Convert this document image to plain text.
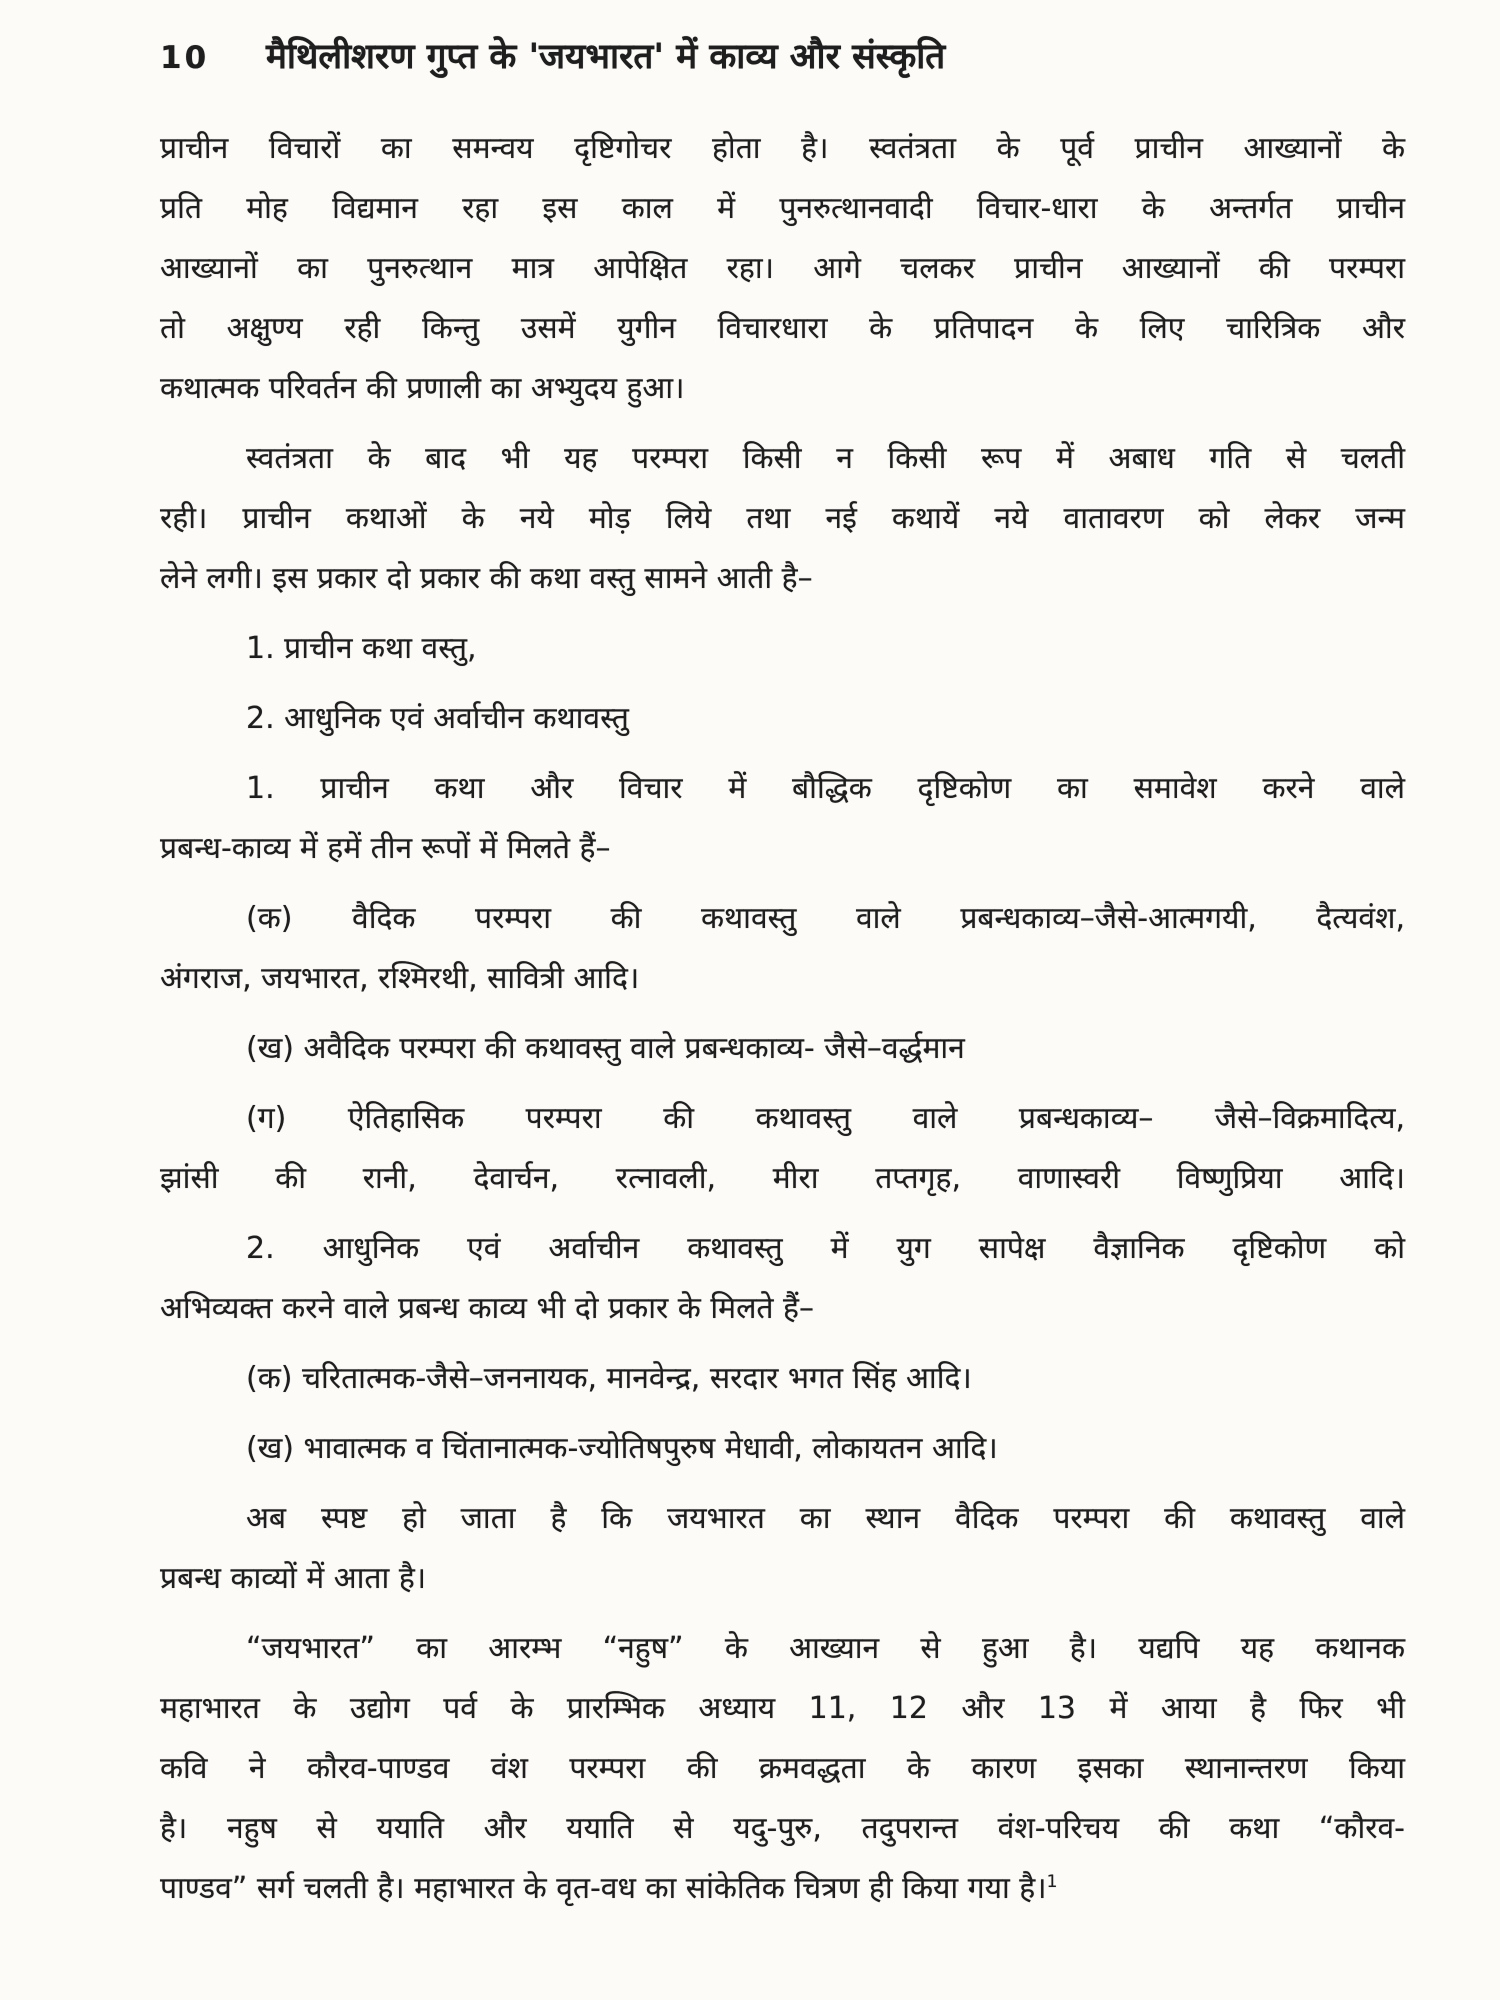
10	मैथिलीशरण गुप्त के 'जयभारत' में काव्य और संस्कृति
प्राचीन विचारों का समन्वय दृष्टिगोचर होता है। स्वतंत्रता के पूर्व प्राचीन आख्यानों के
प्रति मोह विद्यमान रहा इस काल में पुनरुत्थानवादी विचार-धारा के अन्तर्गत प्राचीन
आख्यानों का पुनरुत्थान मात्र आपेक्षित रहा। आगे चलकर प्राचीन आख्यानों की परम्परा
तो अक्षुण्य रही किन्तु उसमें युगीन विचारधारा के प्रतिपादन के लिए चारित्रिक और
कथात्मक परिवर्तन की प्रणाली का अभ्युदय हुआ।
स्वतंत्रता के बाद भी यह परम्परा किसी न किसी रूप में अबाध गति से चलती
रही। प्राचीन कथाओं के नये मोड़ लिये तथा नई कथायें नये वातावरण को लेकर जन्म
लेने लगी। इस प्रकार दो प्रकार की कथा वस्तु सामने आती है–
1. प्राचीन कथा वस्तु,
2. आधुनिक एवं अर्वाचीन कथावस्तु
1. प्राचीन कथा और विचार में बौद्धिक दृष्टिकोण का समावेश करने वाले
प्रबन्ध-काव्य में हमें तीन रूपों में मिलते हैं–
(क) वैदिक परम्परा की कथावस्तु वाले प्रबन्धकाव्य–जैसे-आत्मगयी, दैत्यवंश,
अंगराज, जयभारत, रश्मिरथी, सावित्री आदि।
(ख) अवैदिक परम्परा की कथावस्तु वाले प्रबन्धकाव्य- जैसे–वर्द्धमान
(ग) ऐतिहासिक परम्परा की कथावस्तु वाले प्रबन्धकाव्य– जैसे–विक्रमादित्य,
झांसी की रानी, देवार्चन, रत्नावली, मीरा तप्तगृह, वाणास्वरी विष्णुप्रिया आदि।
2. आधुनिक एवं अर्वाचीन कथावस्तु में युग सापेक्ष वैज्ञानिक दृष्टिकोण को
अभिव्यक्त करने वाले प्रबन्ध काव्य भी दो प्रकार के मिलते हैं–
(क) चरितात्मक-जैसे–जननायक, मानवेन्द्र, सरदार भगत सिंह आदि।
(ख) भावात्मक व चिंतानात्मक-ज्योतिषपुरुष मेधावी, लोकायतन आदि।
अब स्पष्ट हो जाता है कि जयभारत का स्थान वैदिक परम्परा की कथावस्तु वाले
प्रबन्ध काव्यों में आता है।
“जयभारत” का आरम्भ “नहुष” के आख्यान से हुआ है। यद्यपि यह कथानक
महाभारत के उद्योग पर्व के प्रारम्भिक अध्याय 11, 12 और 13 में आया है फिर भी
कवि ने कौरव-पाण्डव वंश परम्परा की क्रमवद्धता के कारण इसका स्थानान्तरण किया
है। नहुष से ययाति और ययाति से यदु-पुरु, तदुपरान्त वंश-परिचय की कथा “कौरव-
पाण्डव” सर्ग चलती है। महाभारत के वृत-वध का सांकेतिक चित्रण ही किया गया है।$^1$
